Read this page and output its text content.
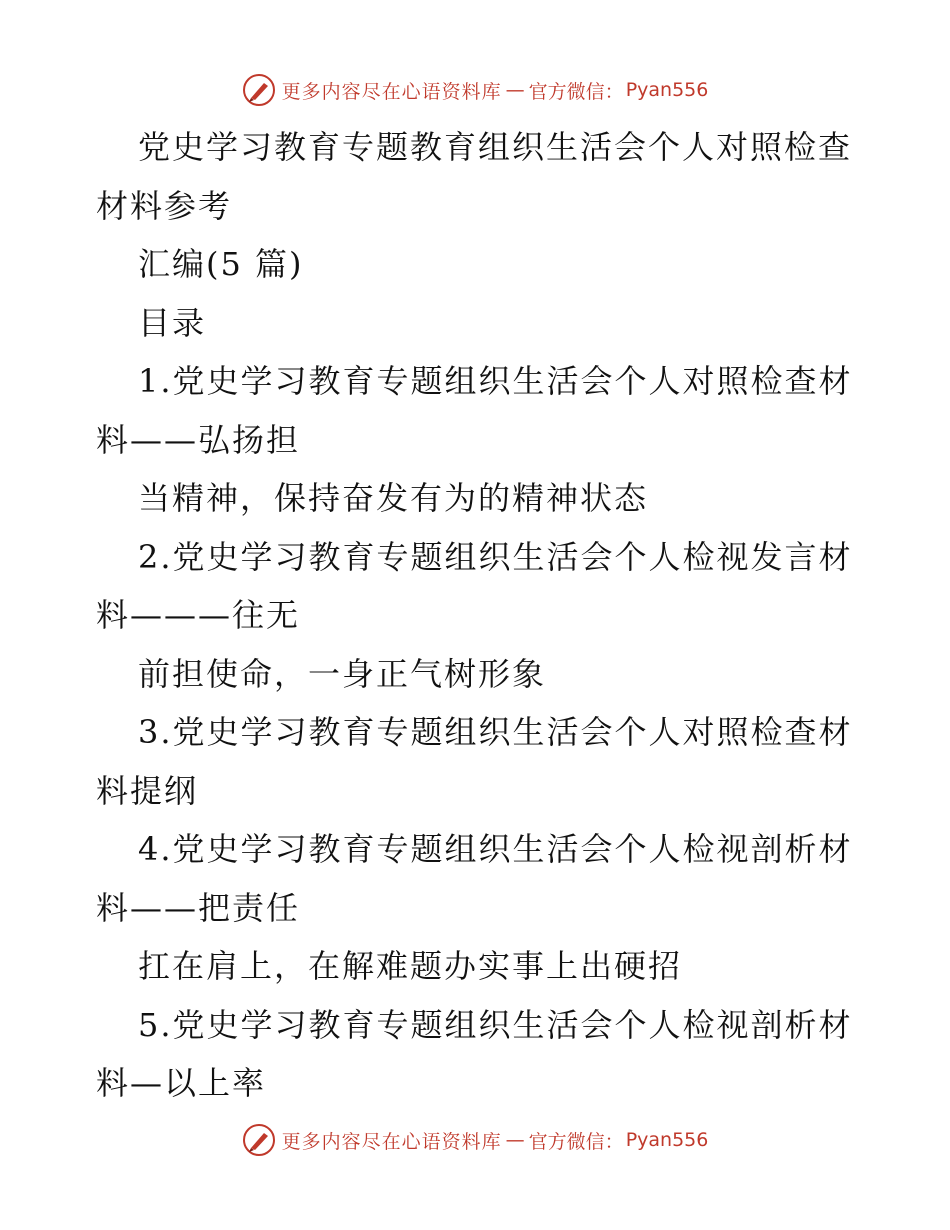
更多内容尽在心语资料库 — 官方微信： Pyan556

党史学习教育专题教育组织生活会个人对照检查

材料参考

汇编(5 篇)

目录

1.党史学习教育专题组织生活会个人对照检查材

料——弘扬担

当精神，保持奋发有为的精神状态

2.党史学习教育专题组织生活会个人检视发言材

料———往无

前担使命，一身正气树形象

3.党史学习教育专题组织生活会个人对照检查材

料提纲

4.党史学习教育专题组织生活会个人检视剖析材

料——把责任

扛在肩上，在解难题办实事上出硬招

5.党史学习教育专题组织生活会个人检视剖析材

料—以上率

更多内容尽在心语资料库 — 官方微信： Pyan556
